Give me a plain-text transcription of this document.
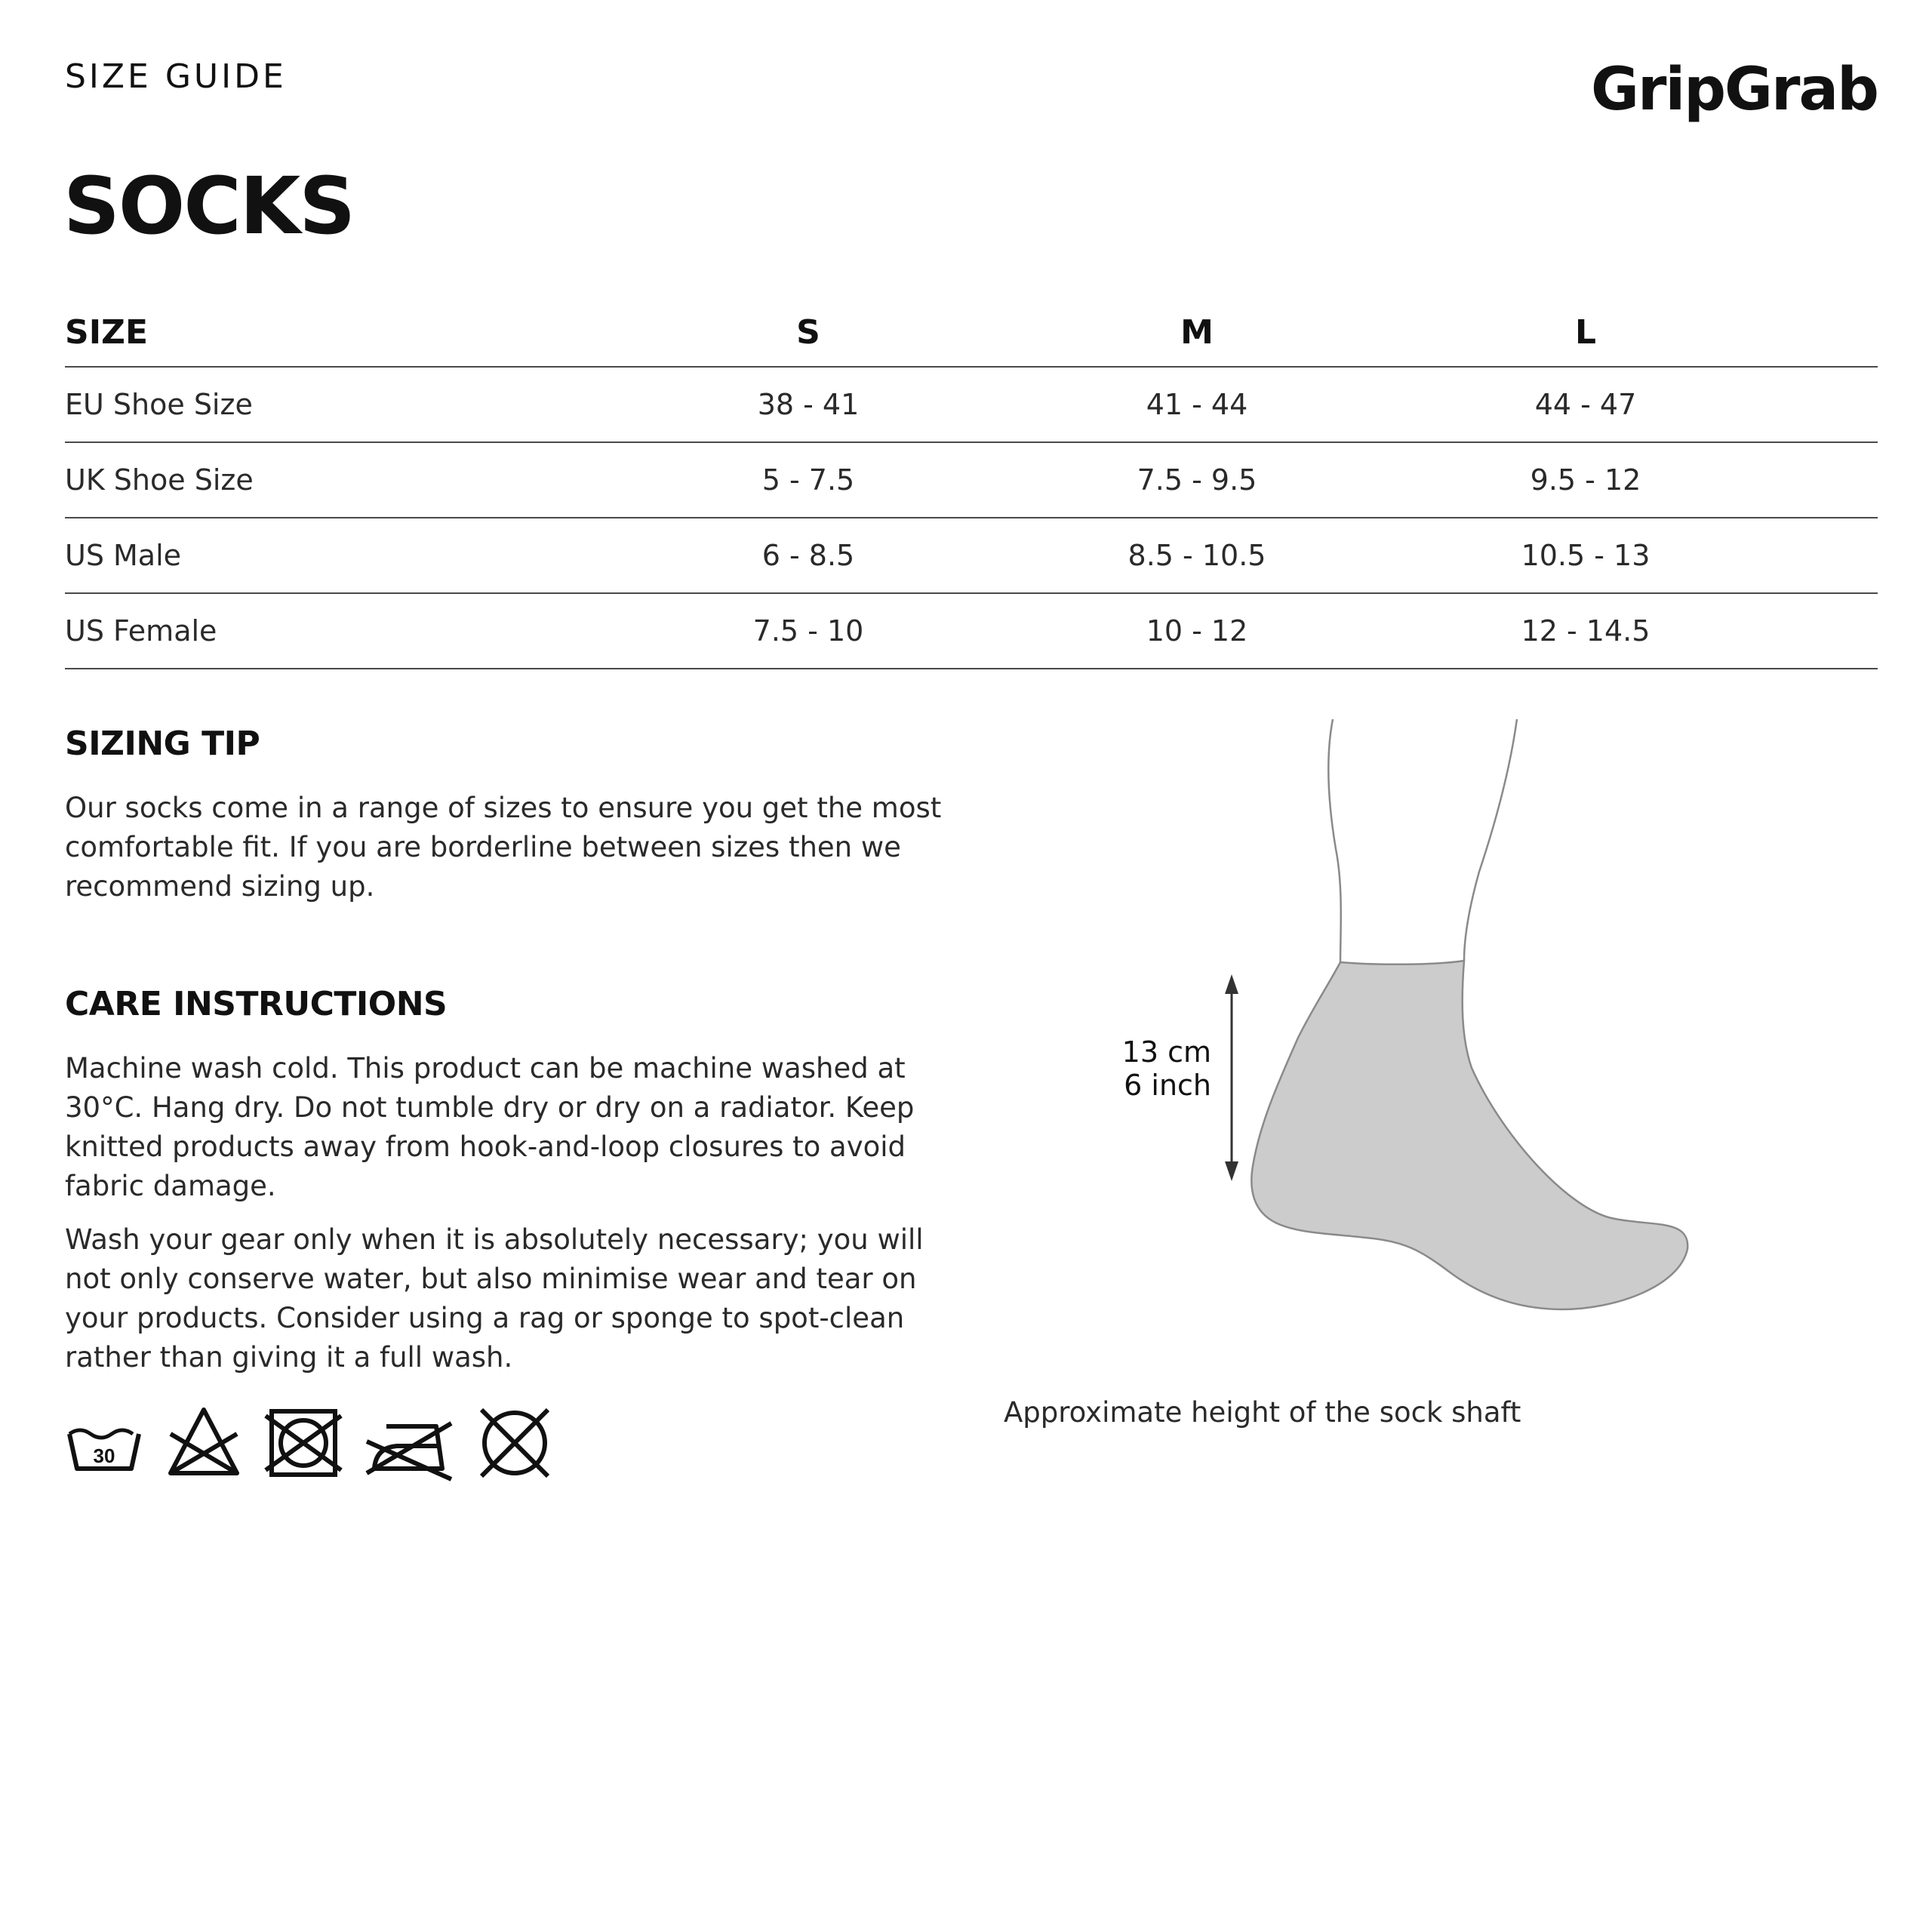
SIZE GUIDE	GripGrab
SOCKS
SIZE	S	M	L
EU Shoe Size	38 - 41	41 - 44	44 - 47
UK Shoe Size	5 - 7.5	7.5 - 9.5	9.5 - 12
US Male	6 - 8.5	8.5 - 10.5	10.5 - 13
US Female	7.5 - 10	10 - 12	12 - 14.5
SIZING TIP
Our socks come in a range of sizes to ensure you get the most comfortable fit. If you are borderline between sizes then we recommend sizing up.
CARE INSTRUCTIONS
Machine wash cold. This product can be machine washed at 30°C. Hang dry. Do not tumble dry or dry on a radiator. Keep knitted products away from hook-and-loop closures to avoid fabric damage.
Wash your gear only when it is absolutely necessary; you will not only conserve water, but also minimise wear and tear on your products. Consider using a rag or sponge to spot-clean rather than giving it a full wash.
30
13 cm
6 inch
Approximate height of the sock shaft
